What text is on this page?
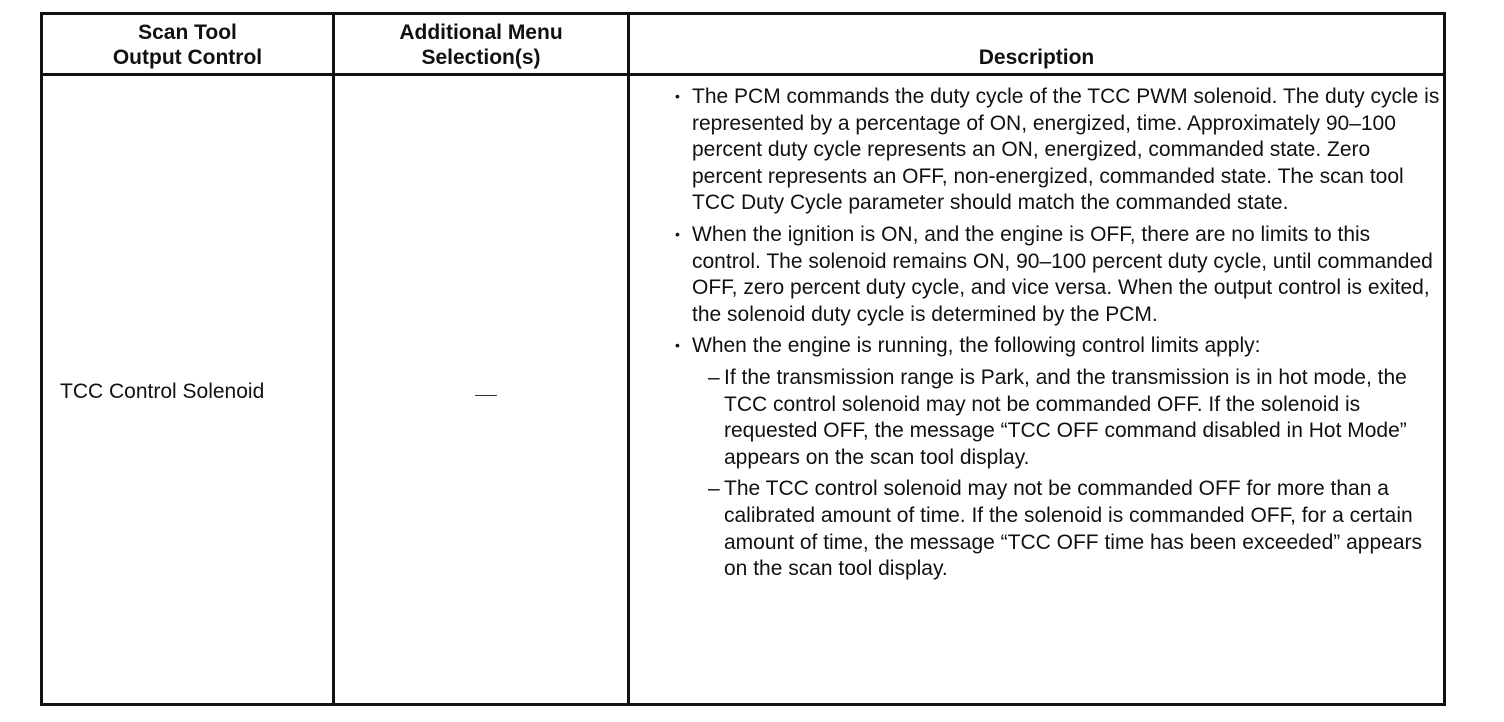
Scan Tool
Output Control
Additional Menu
Selection(s)	Description
TCC Control Solenoid
• The PCM commands the duty cycle of the TCC PWM solenoid. The duty cycle is represented by a percentage of ON, energized, time. Approximately 90–100 percent duty cycle represents an ON, energized, commanded state. Zero percent represents an OFF, non-energized, commanded state. The scan tool TCC Duty Cycle parameter should match the commanded state.
• When the ignition is ON, and the engine is OFF, there are no limits to this control. The solenoid remains ON, 90–100 percent duty cycle, until commanded OFF, zero percent duty cycle, and vice versa. When the output control is exited, the solenoid duty cycle is determined by the PCM.
• When the engine is running, the following control limits apply:
– If the transmission range is Park, and the transmission is in hot mode, the TCC control solenoid may not be commanded OFF. If the solenoid is requested OFF, the message “TCC OFF command disabled in Hot Mode” appears on the scan tool display.
– The TCC control solenoid may not be commanded OFF for more than a calibrated amount of time. If the solenoid is commanded OFF, for a certain amount of time, the message “TCC OFF time has been exceeded” appears on the scan tool display.
